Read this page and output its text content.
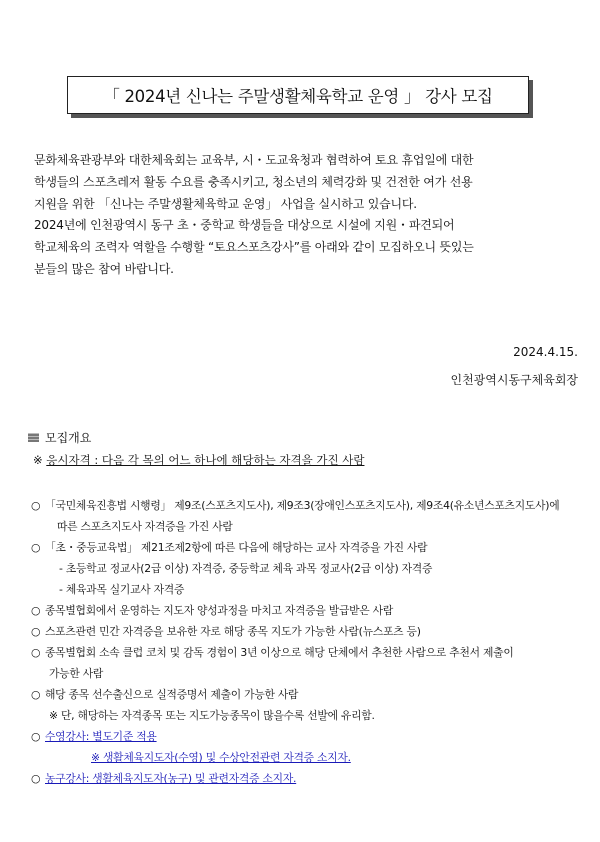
「 2024년 신나는 주말생활체육학교 운영 」 강사 모집
문화체육관광부와 대한체육회는 교육부, 시・도교육청과 협력하여 토요 휴업일에 대한
학생들의 스포츠레저 활동 수요를 충족시키고, 청소년의 체력강화 및 건전한 여가 선용
지원을 위한 「신나는 주말생활체육학교 운영」 사업을 실시하고 있습니다.
2024년에 인천광역시 동구 초・중학교 학생들을 대상으로 시설에 지원・파견되어
학교체육의 조력자 역할을 수행할 “토요스포츠강사”를 아래와 같이 모집하오니 뜻있는
분들의 많은 참여 바랍니다.
2024.4.15.
인천광역시동구체육회장
모집개요
※ 응시자격 : 다음 각 목의 어느 하나에 해당하는 자격을 가진 사람
○ 「국민체육진흥법 시행령」 제9조(스포츠지도사), 제9조3(장애인스포츠지도사), 제9조4(유소년스포츠지도사)에
따른 스포츠지도사 자격증을 가진 사람
○ 「초・중등교육법」 제21조제2항에 따른 다음에 해당하는 교사 자격증을 가진 사람
- 초등학교 정교사(2급 이상) 자격증, 중등학교 체육 과목 정교사(2급 이상) 자격증
- 체육과목 실기교사 자격증
○ 종목별협회에서 운영하는 지도자 양성과정을 마치고 자격증을 발급받은 사람
○ 스포츠관련 민간 자격증을 보유한 자로 해당 종목 지도가 가능한 사람(뉴스포츠 등)
○ 종목별협회 소속 클럽 코치 및 감독 경험이 3년 이상으로 해당 단체에서 추천한 사람으로 추천서 제출이
가능한 사람
○ 해당 종목 선수출신으로 실적증명서 제출이 가능한 사람
※ 단, 해당하는 자격종목 또는 지도가능종목이 많을수록 선발에 유리함.
○ 수영강사: 별도기준 적용
※ 생활체육지도자(수영) 및 수상안전관련 자격증 소지자.
○ 농구강사: 생활체육지도자(농구) 및 관련자격증 소지자.
